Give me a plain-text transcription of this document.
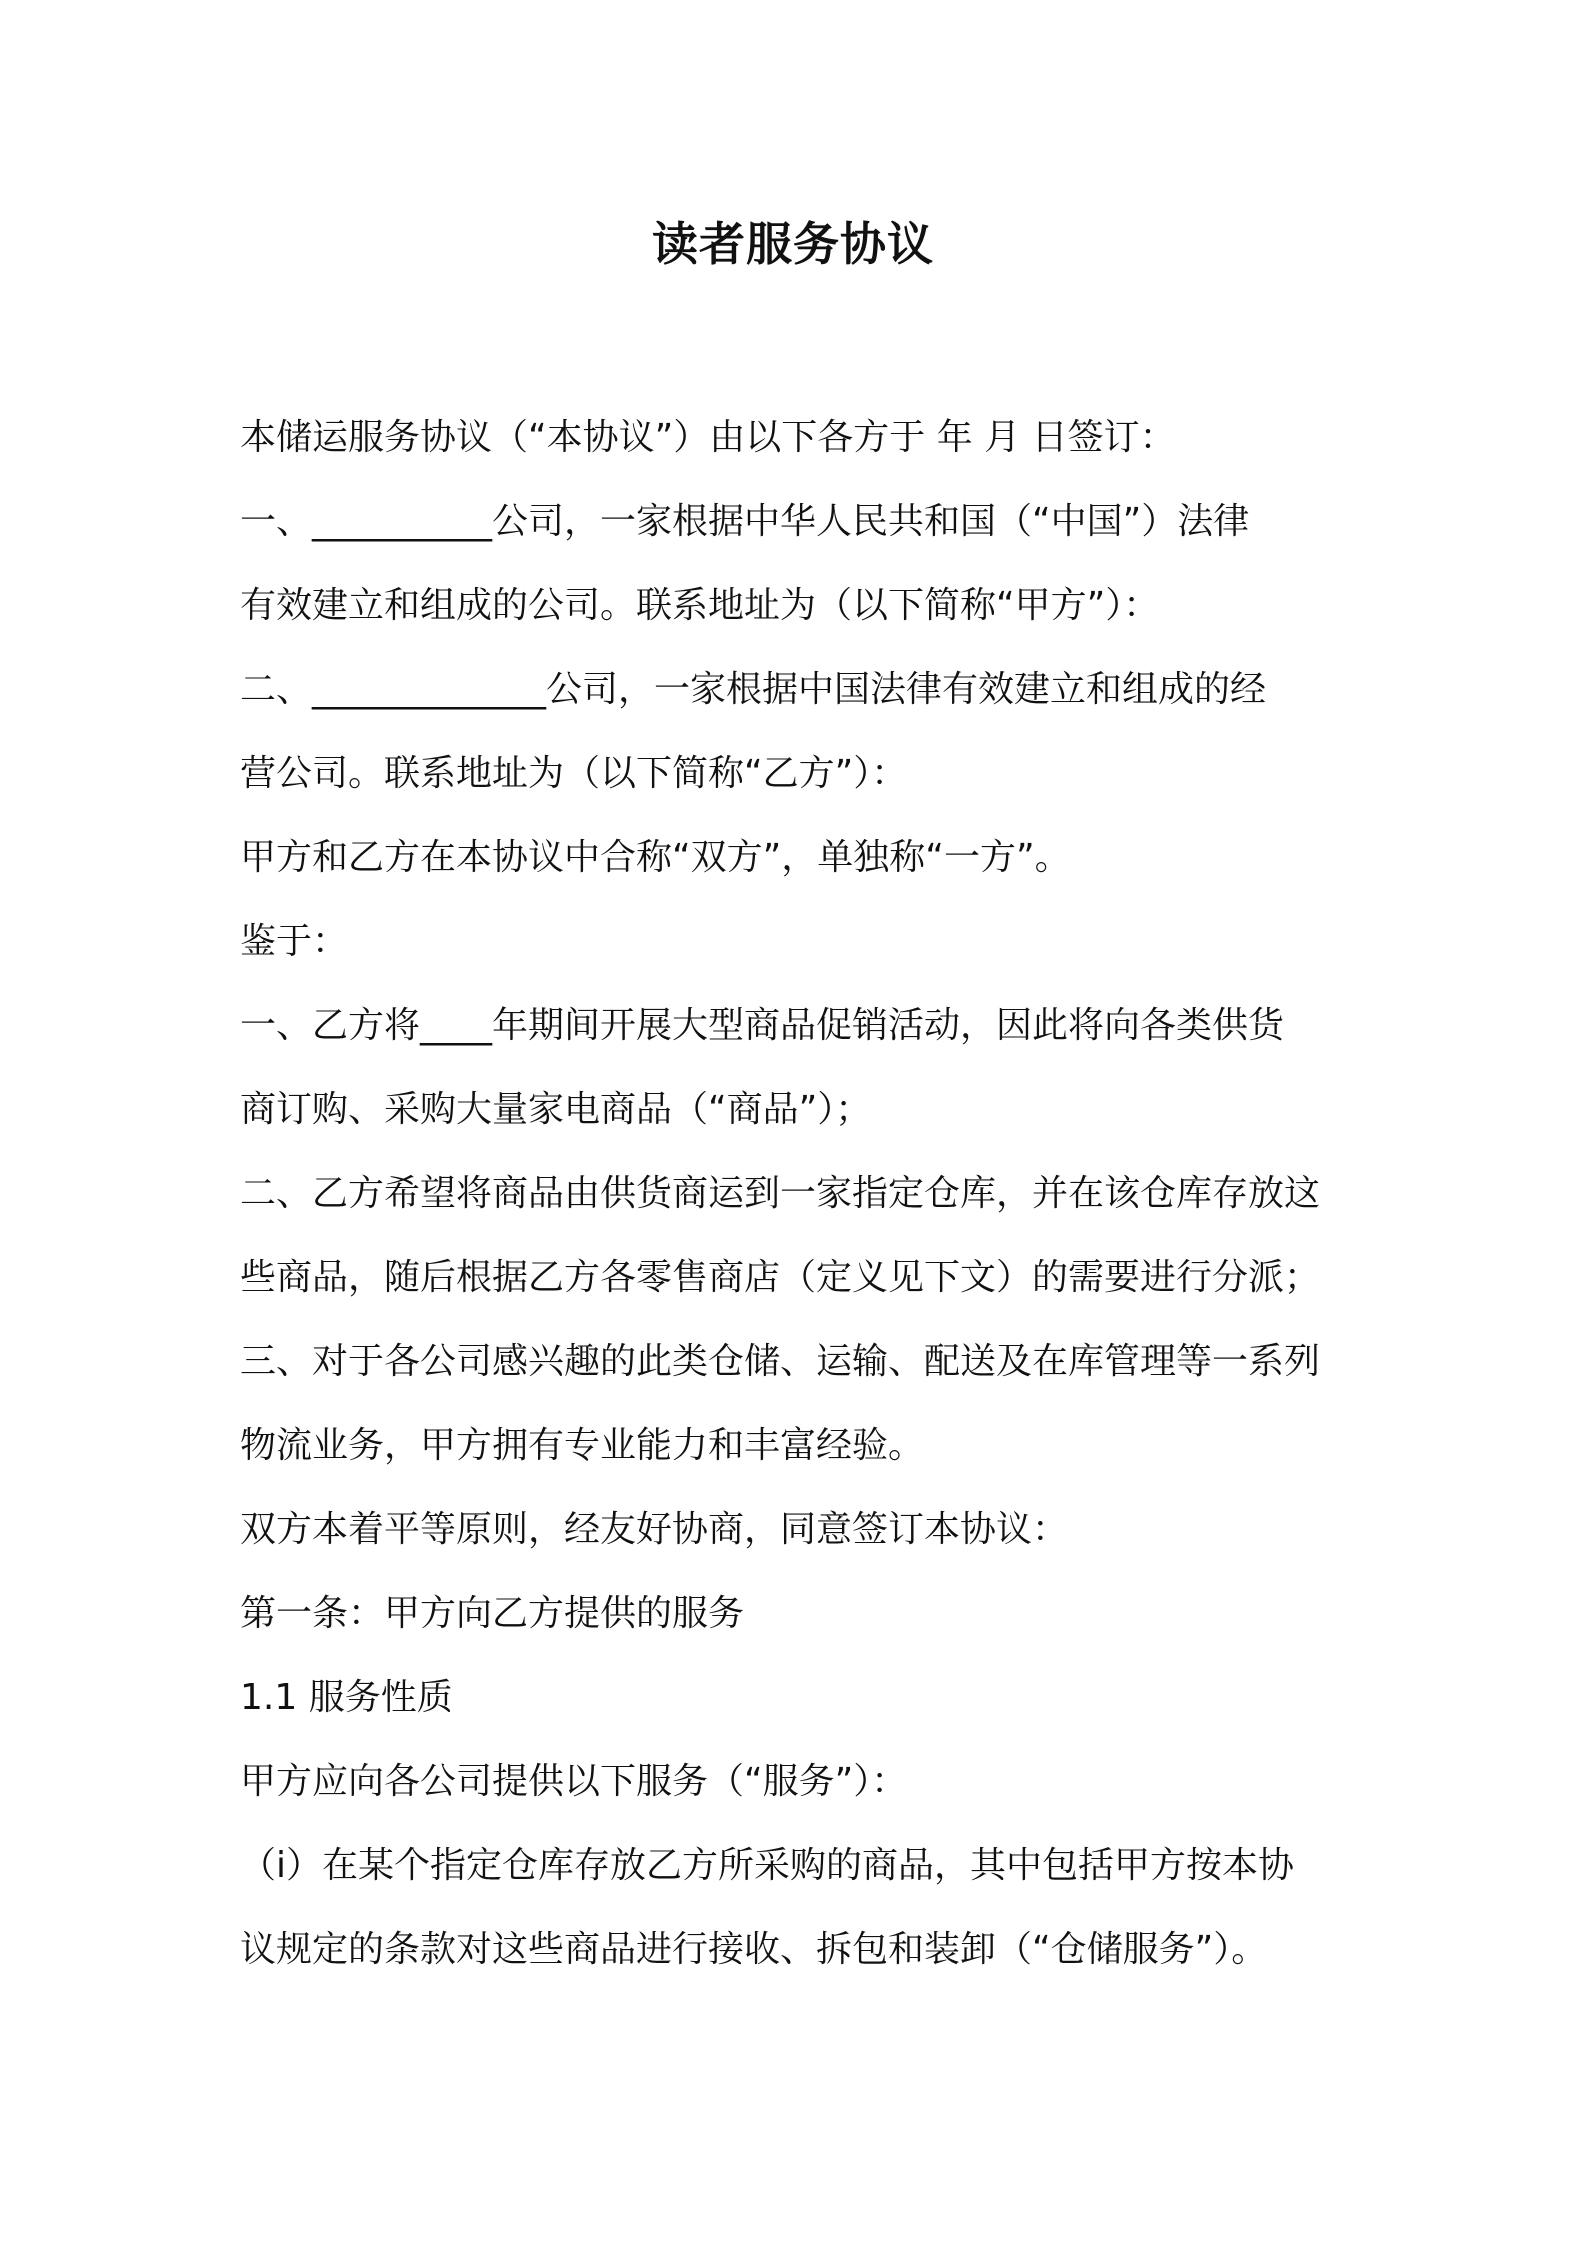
读者服务协议
本储运服务协议（“本协议”）由以下各方于 年 月 日签订：
一、__________公司，一家根据中华人民共和国（“中国”）法律
有效建立和组成的公司。联系地址为（以下简称“甲方”）：
二、_____________公司，一家根据中国法律有效建立和组成的经
营公司。联系地址为（以下简称“乙方”）：
甲方和乙方在本协议中合称“双方”，单独称“一方”。
鉴于：
一、乙方将____年期间开展大型商品促销活动，因此将向各类供货
商订购、采购大量家电商品（“商品”）；
二、乙方希望将商品由供货商运到一家指定仓库，并在该仓库存放这
些商品，随后根据乙方各零售商店（定义见下文）的需要进行分派；
三、对于各公司感兴趣的此类仓储、运输、配送及在库管理等一系列
物流业务，甲方拥有专业能力和丰富经验。
双方本着平等原则，经友好协商，同意签订本协议：
第一条：甲方向乙方提供的服务
1.1 服务性质
甲方应向各公司提供以下服务（“服务”）：
（ⅰ）在某个指定仓库存放乙方所采购的商品，其中包括甲方按本协
议规定的条款对这些商品进行接收、拆包和装卸（“仓储服务”）。
